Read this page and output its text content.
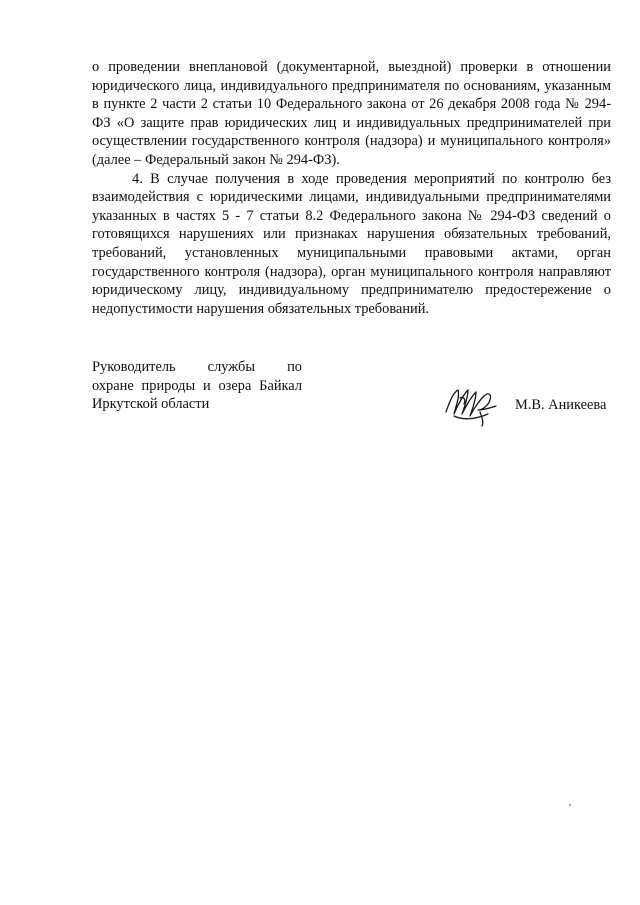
о проведении внеплановой (документарной, выездной) проверки в отношении юридического лица, индивидуального предпринимателя по основаниям, указанным в пункте 2 части 2 статьи 10 Федерального закона от 26 декабря 2008 года № 294-ФЗ «О защите прав юридических лиц и индивидуальных предпринимателей при осуществлении государственного контроля (надзора) и муниципального контроля» (далее – Федеральный закон № 294-ФЗ).

4. В случае получения в ходе проведения мероприятий по контролю без взаимодействия с юридическими лицами, индивидуальными предпринимателями указанных в частях 5 - 7 статьи 8.2 Федерального закона № 294-ФЗ сведений о готовящихся нарушениях или признаках нарушения обязательных требований, требований, установленных муниципальными правовыми актами, орган государственного контроля (надзора), орган муниципального контроля направляют юридическому лицу, индивидуальному предпринимателю предостережение о недопустимости нарушения обязательных требований.

Руководитель службы по
охране природы и озера Байкал
Иркутской области	М.В. Аникеева
